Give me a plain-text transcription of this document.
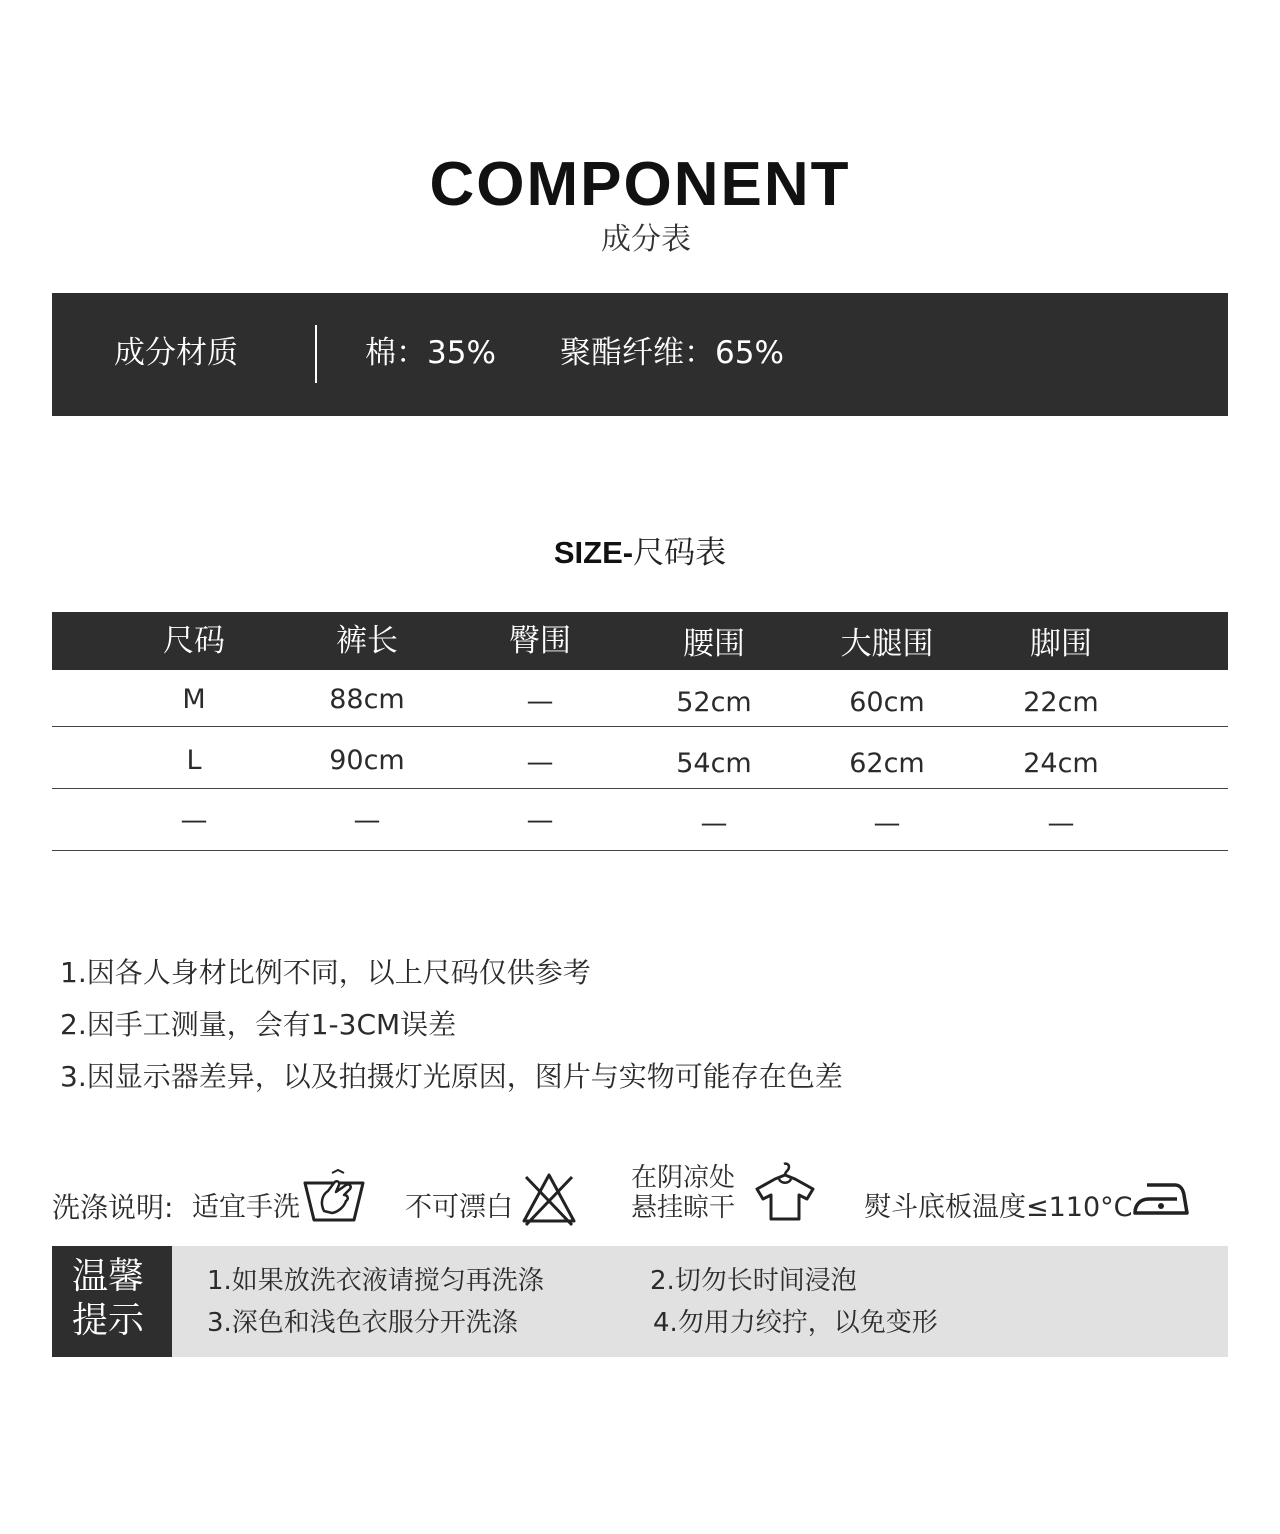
COMPONENT
成分表
成分材质	棉：35% 聚酯纤维：65%
SIZE-尺码表
尺码	裤长	臀围	腰围	大腿围	脚围
M	88cm	—	52cm	60cm	22cm
L	90cm	—	54cm	62cm	24cm
—	—	—	—	—	—
1.因各人身材比例不同，以上尺码仅供参考
2.因手工测量，会有1-3CM误差
3.因显示器差异，以及拍摄灯光原因，图片与实物可能存在色差
洗涤说明: 适宜手洗	不可漂白
在阴凉处
悬挂晾干	熨斗底板温度≤110°C
温馨
提示
1.如果放洗衣液请搅匀再洗涤	2.切勿长时间浸泡
3.深色和浅色衣服分开洗涤	4.勿用力绞拧，以免变形
